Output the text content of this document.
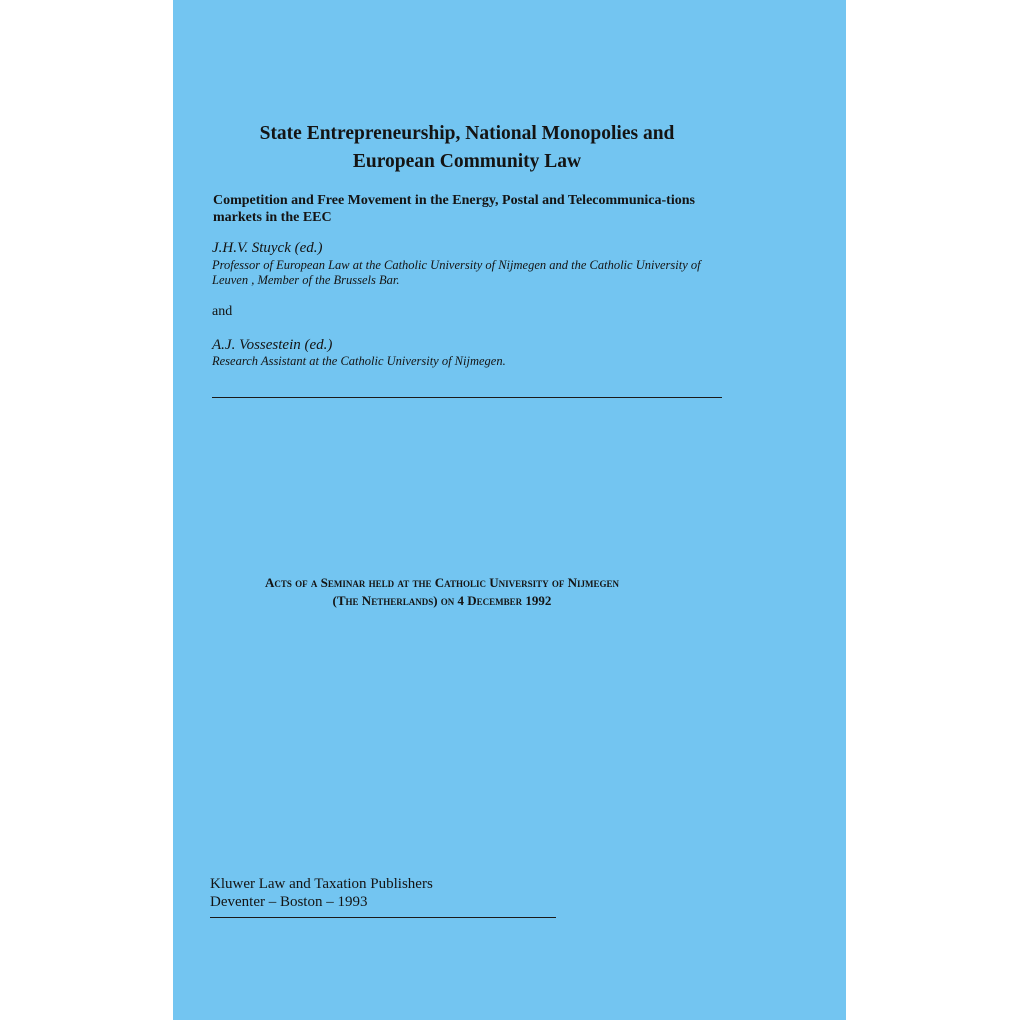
State Entrepreneurship, National Monopolies and
European Community Law
Competition and Free Movement in the Energy, Postal and Telecommunica-tions markets in the EEC
J.H.V. Stuyck (ed.)
Professor of European Law at the Catholic University of Nijmegen and the Catholic University of Leuven , Member of the Brussels Bar.
and
A.J. Vossestein (ed.)
Research Assistant at the Catholic University of Nijmegen.
Acts of a Seminar held at the Catholic University of Nijmegen
(The Netherlands) on 4 December 1992
Kluwer Law and Taxation Publishers
Deventer – Boston – 1993
